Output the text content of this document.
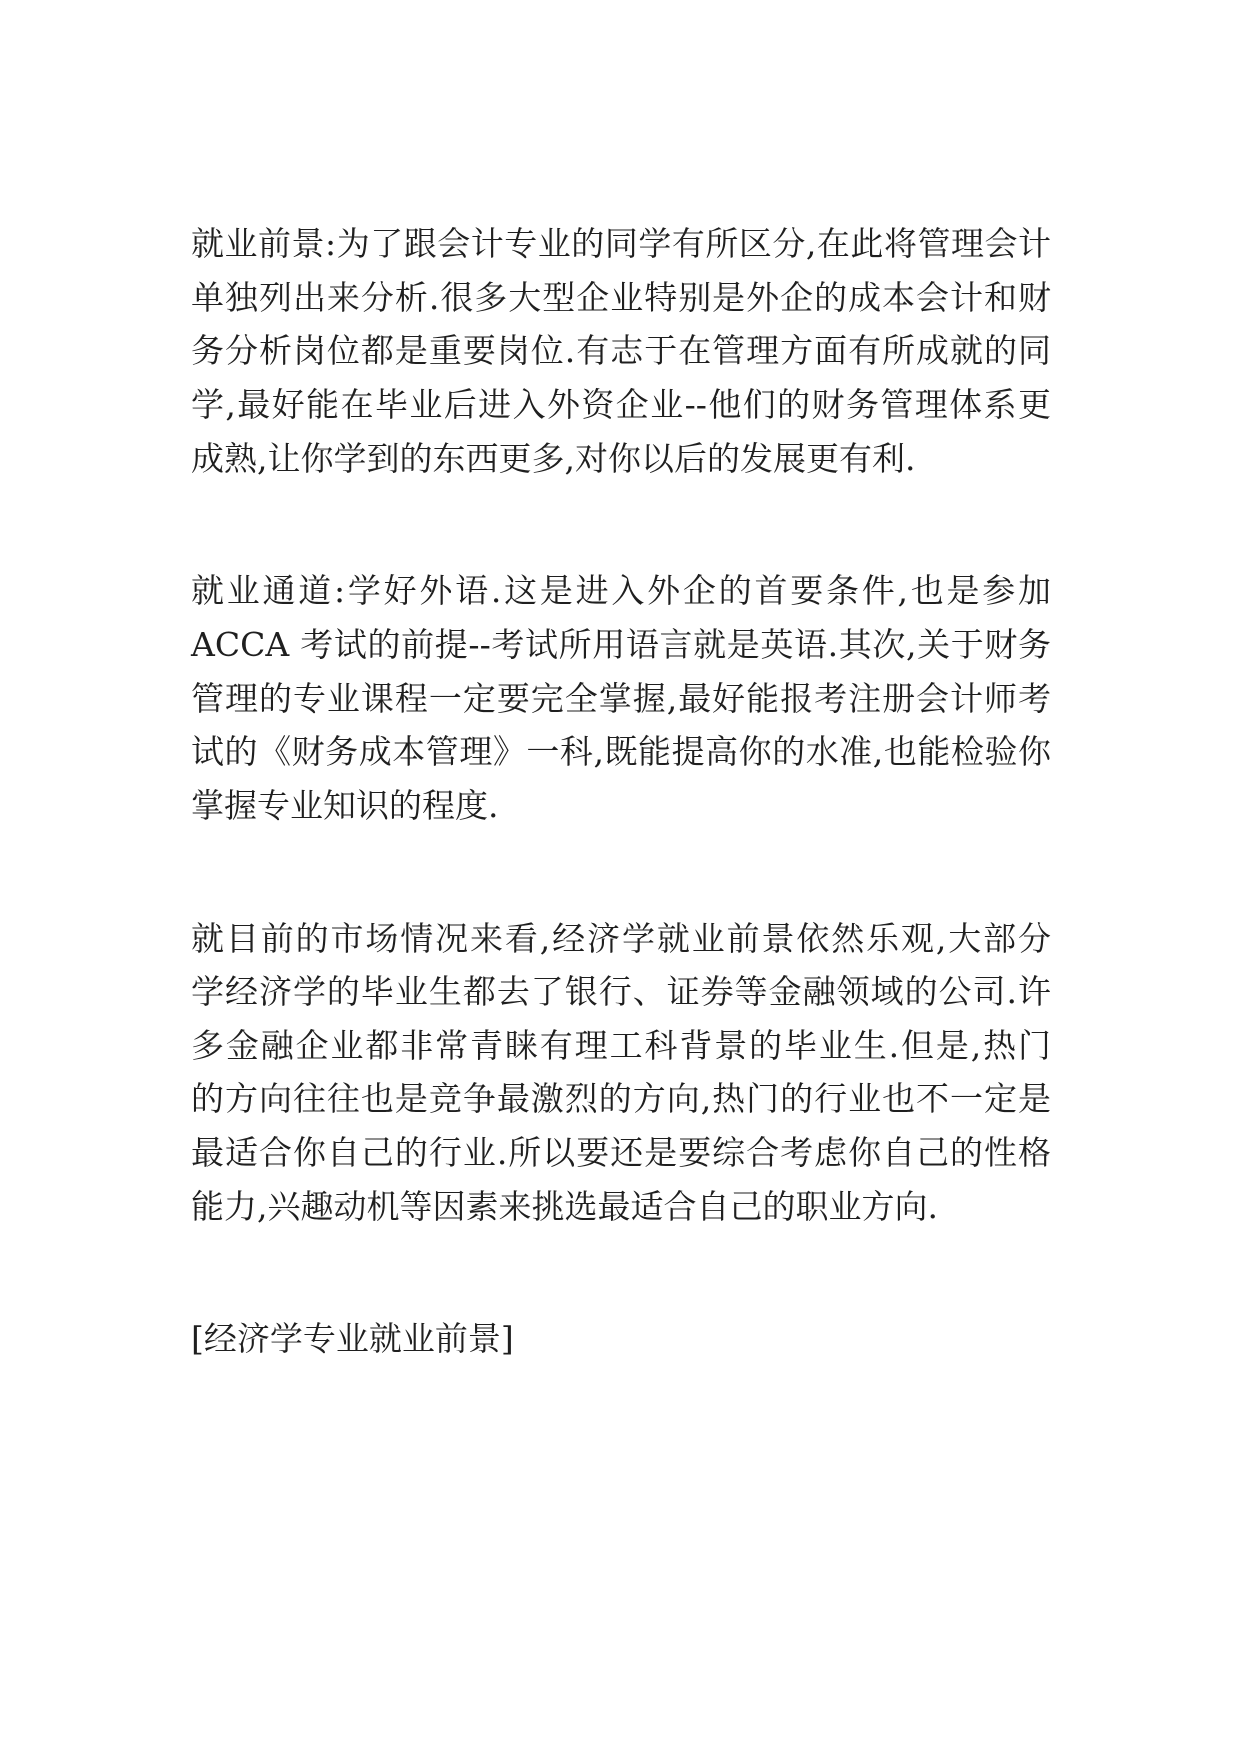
就业前景:为了跟会计专业的同学有所区分,在此将管理会计
单独列出来分析.很多大型企业特别是外企的成本会计和财
务分析岗位都是重要岗位.有志于在管理方面有所成就的同
学,最好能在毕业后进入外资企业--他们的财务管理体系更
成熟,让你学到的东西更多,对你以后的发展更有利.
就业通道:学好外语.这是进入外企的首要条件,也是参加
ACCA 考试的前提--考试所用语言就是英语.其次,关于财务
管理的专业课程一定要完全掌握,最好能报考注册会计师考
试的《财务成本管理》一科,既能提高你的水准,也能检验你
掌握专业知识的程度.
就目前的市场情况来看,经济学就业前景依然乐观,大部分
学经济学的毕业生都去了银行、证券等金融领域的公司.许
多金融企业都非常青睐有理工科背景的毕业生.但是,热门
的方向往往也是竞争最激烈的方向,热门的行业也不一定是
最适合你自己的行业.所以要还是要综合考虑你自己的性格
能力,兴趣动机等因素来挑选最适合自己的职业方向.
[经济学专业就业前景]
